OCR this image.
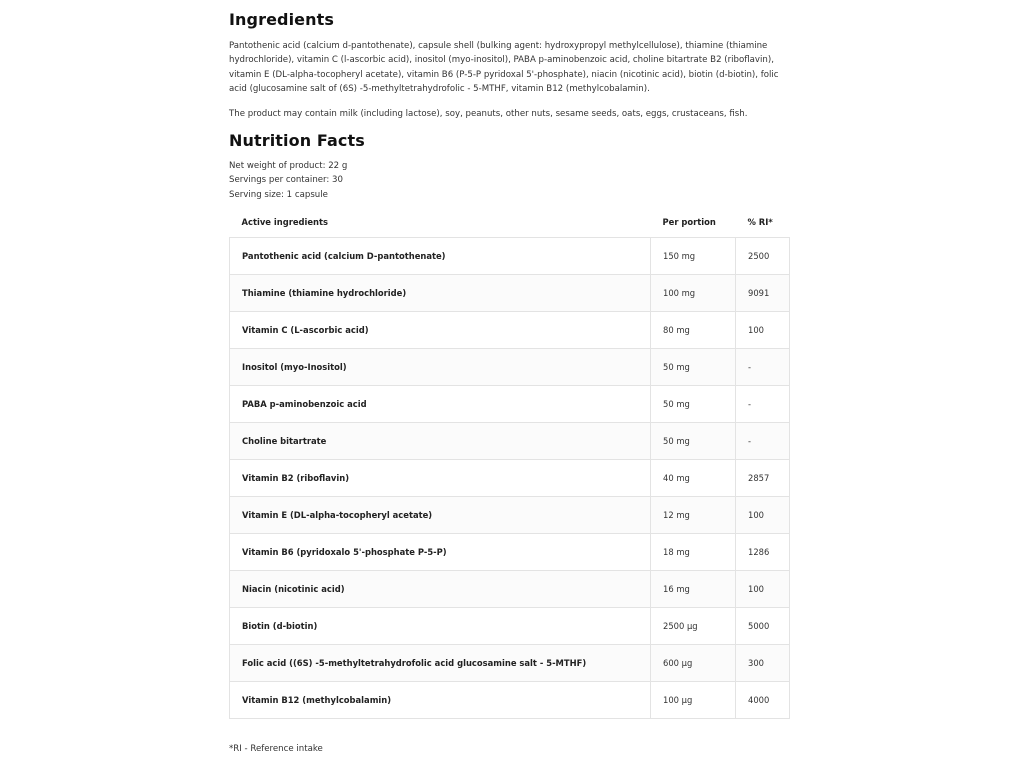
Ingredients

Pantothenic acid (calcium d-pantothenate), capsule shell (bulking agent: hydroxypropyl methylcellulose), thiamine (thiamine hydrochloride), vitamin C (l-ascorbic acid), inositol (myo-inositol), PABA p-aminobenzoic acid, choline bitartrate B2 (riboflavin), vitamin E (DL-alpha-tocopheryl acetate), vitamin B6 (P-5-P pyridoxal 5'-phosphate), niacin (nicotinic acid), biotin (d-biotin), folic acid (glucosamine salt of (6S) -5-methyltetrahydrofolic - 5-MTHF, vitamin B12 (methylcobalamin).

The product may contain milk (including lactose), soy, peanuts, other nuts, sesame seeds, oats, eggs, crustaceans, fish.

Nutrition Facts
Net weight of product: 22 g
Servings per container: 30
Serving size: 1 capsule
Active ingredients	Per portion	% RI*
Pantothenic acid (calcium D-pantothenate)	150 mg	2500
Thiamine (thiamine hydrochloride)	100 mg	9091
Vitamin C (L-ascorbic acid)	80 mg	100
Inositol (myo-Inositol)	50 mg	-
PABA p-aminobenzoic acid	50 mg	-
Choline bitartrate	50 mg	-
Vitamin B2 (riboflavin)	40 mg	2857
Vitamin E (DL-alpha-tocopheryl acetate)	12 mg	100
Vitamin B6 (pyridoxalo 5'-phosphate P-5-P)	18 mg	1286
Niacin (nicotinic acid)	16 mg	100
Biotin (d-biotin)	2500 µg	5000
Folic acid ((6S) -5-methyltetrahydrofolic acid glucosamine salt - 5-MTHF)	600 µg	300
Vitamin B12 (methylcobalamin)	100 µg	4000
*RI - Reference intake
